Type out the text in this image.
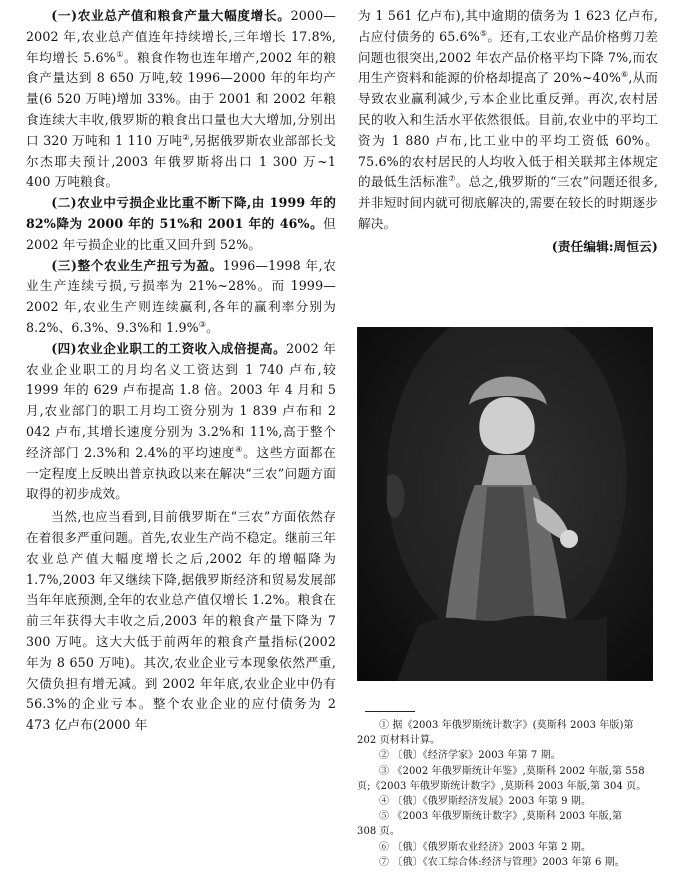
(一)农业总产值和粮食产量大幅度增长。2000—2002 年,农业总产值连年持续增长,三年增长 17.8%,年均增长 5.6%①。粮食作物也连年增产,2002 年的粮食产量达到 8 650 万吨,较 1996—2000 年的年均产量(6 520 万吨)增加 33%。由于 2001 和 2002 年粮食连续大丰收,俄罗斯的粮食出口量也大大增加,分别出口 320 万吨和 1 110 万吨②,另据俄罗斯农业部部长戈尔杰耶夫预计,2003 年俄罗斯将出口 1 300 万~1 400 万吨粮食。

(二)农业中亏损企业比重不断下降,由 1999 年的 82%降为 2000 年的 51%和 2001 年的 46%。但 2002 年亏损企业的比重又回升到 52%。

(三)整个农业生产扭亏为盈。1996—1998 年,农业生产连续亏损,亏损率为 21%~28%。而 1999—2002 年,农业生产则连续赢利,各年的赢利率分别为 8.2%、6.3%、9.3%和 1.9%③。

(四)农业企业职工的工资收入成倍提高。2002 年农业企业职工的月均名义工资达到 1 740 卢布,较 1999 年的 629 卢布提高 1.8 倍。2003 年 4 月和 5 月,农业部门的职工月均工资分别为 1 839 卢布和 2 042 卢布,其增长速度分别为 3.2%和 11%,高于整个经济部门 2.3%和 2.4%的平均速度④。这些方面都在一定程度上反映出普京执政以来在解决“三农”问题方面取得的初步成效。

当然,也应当看到,目前俄罗斯在“三农”方面依然存在着很多严重问题。首先,农业生产尚不稳定。继前三年农业总产值大幅度增长之后,2002 年的增幅降为 1.7%,2003 年又继续下降,据俄罗斯经济和贸易发展部当年年底预测,全年的农业总产值仅增长 1.2%。粮食在前三年获得大丰收之后,2003 年的粮食产量下降为 7 300 万吨。这大大低于前两年的粮食产量指标(2002 年为 8 650 万吨)。其次,农业企业亏本现象依然严重,欠债负担有增无减。到 2002 年年底,农业企业中仍有 56.3%的企业亏本。整个农业企业的应付债务为 2 473 亿卢布(2000 年

为 1 561 亿卢布),其中逾期的债务为 1 623 亿卢布,占应付债务的 65.6%⑤。还有,工农业产品价格剪刀差问题也很突出,2002 年农产品价格平均下降 7%,而农用生产资料和能源的价格却提高了 20%~40%⑥,从而导致农业赢利减少,亏本企业比重反弹。再次,农村居民的收入和生活水平依然很低。目前,农业中的平均工资为 1 880 卢布,比工业中的平均工资低 60%。75.6%的农村居民的人均收入低于相关联邦主体规定的最低生活标准⑦。总之,俄罗斯的“三农”问题还很多,并非短时间内就可彻底解决的,需要在较长的时期逐步解决。

(责任编辑:周恒云)

① 据《2003 年俄罗斯统计数字》(莫斯科 2003 年版)第

202 页材料计算。

② 〔俄〕《经济学家》2003 年第 7 期。

③ 《2002 年俄罗斯统计年鉴》,莫斯科 2002 年版,第 558

页;《2003 年俄罗斯统计数字》,莫斯科 2003 年版,第 304 页。

④ 〔俄〕《俄罗斯经济发展》2003 年第 9 期。

⑤ 《2003 年俄罗斯统计数字》,莫斯科 2003 年版,第

308 页。

⑥ 〔俄〕《俄罗斯农业经济》2003 年第 2 期。

⑦ 〔俄〕《农工综合体:经济与管理》2003 年第 6 期。
